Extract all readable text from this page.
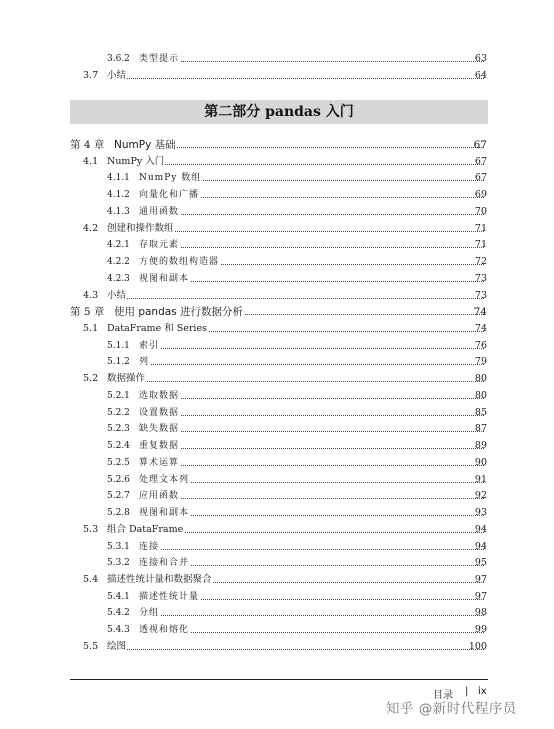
3.6.2 类型提示	63
3.7 小结	64
第 4 章 NumPy 基础	67
4.1 NumPy 入门	67
4.1.1 NumPy 数组	67
4.1.2 向量化和广播	69
4.1.3 通用函数	70
4.2 创建和操作数组	71
4.2.1 存取元素	71
4.2.2 方便的数组构造器	72
4.2.3 视图和副本	73
4.3 小结	73
第 5 章 使用 pandas 进行数据分析	74
5.1 DataFrame 和 Series	74
5.1.1 索引	76
5.1.2 列	79
5.2 数据操作	80
5.2.1 选取数据	80
5.2.2 设置数据	85
5.2.3 缺失数据	87
5.2.4 重复数据	89
5.2.5 算术运算	90
5.2.6 处理文本列	91
5.2.7 应用函数	92
5.2.8 视图和副本	93
5.3 组合 DataFrame	94
5.3.1 连接	94
5.3.2 连接和合并	95
5.4 描述性统计量和数据聚合	97
5.4.1 描述性统计量	97
5.4.2 分组	98
5.4.3 透视和熔化	99
5.5 绘图	100
第二部分 pandas 入门
目录 | ix
知乎 @新时代程序员
